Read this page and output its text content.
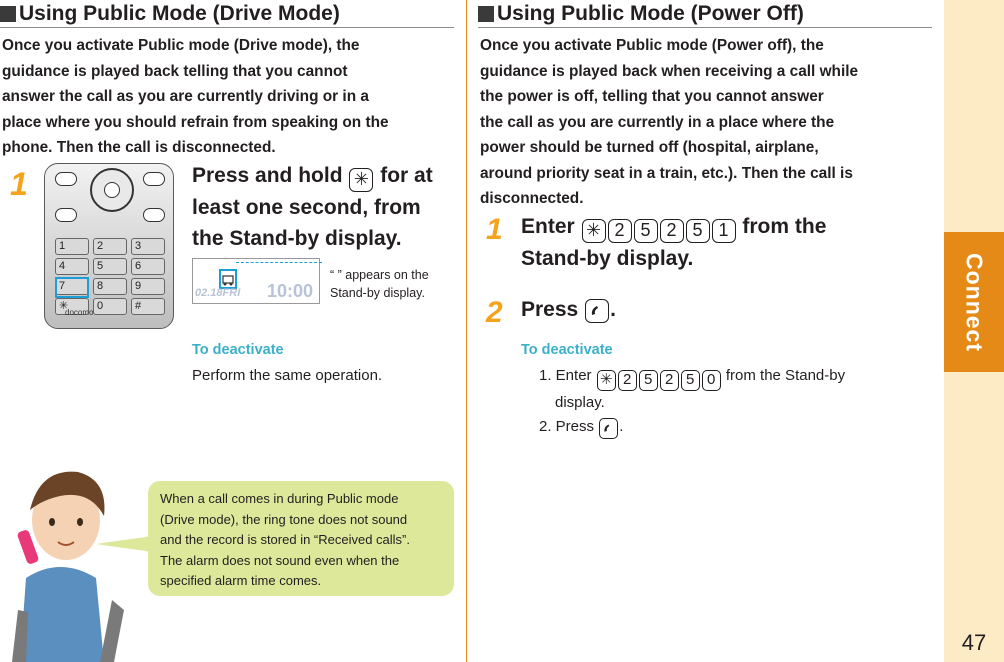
Connect
47
Using Public Mode (Drive Mode)
Once you activate Public mode (Drive mode), the
guidance is played back telling that you cannot
answer the call as you are currently driving or in a
place where you should refrain from speaking on the
phone. Then the call is disconnected.
1
1	2	3
4	5	6
7	8	9
✳	0	#
docomo
Press and hold ✳ for at
least one second, from
the Stand-by display.
02.18FRI 10:00
“ ” appears on the Stand-by display.
To deactivate
Perform the same operation.
When a call comes in during Public mode
(Drive mode), the ring tone does not sound
and the record is stored in “Received calls”.
The alarm does not sound even when the
specified alarm time comes.
Using Public Mode (Power Off)
Once you activate Public mode (Power off), the
guidance is played back when receiving a call while
the power is off, telling that you cannot answer
the call as you are currently in a place where the
power should be turned off (hospital, airplane,
around priority seat in a train, etc.). Then the call is
disconnected.
1 Enter ✳ 2 5 2 5 1 from the
Stand-by display.
2 Press .
To deactivate
1. Enter ✳ 2 5 2 5 0 from the Stand-by
display.
2. Press .
